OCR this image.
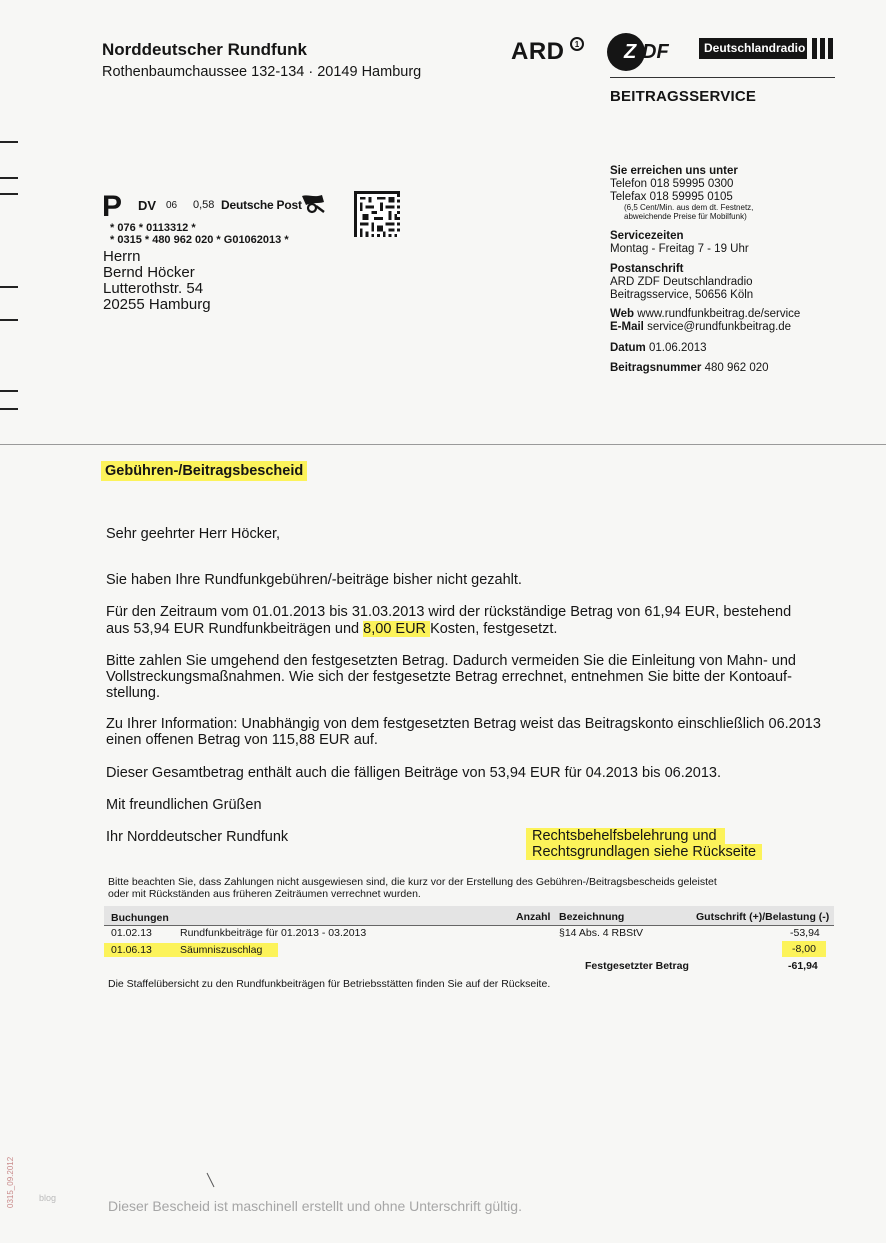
Norddeutscher Rundfunk
Rothenbaumchaussee 132-134 · 20149 Hamburg
ARD	1 Z DF	Deutschlandradio
BEITRAGSSERVICE
P DV 06 0,58 Deutsche Post
* 076 * 0113312 *
* 0315 * 480 962 020 * G01062013 *
Herrn
Bernd Höcker
Lutterothstr. 54
20255 Hamburg
Sie erreichen uns unter
Telefon 018 59995 0300
Telefax 018 59995 0105
(6,5 Cent/Min. aus dem dt. Festnetz,
abweichende Preise für Mobilfunk)
Servicezeiten
Montag - Freitag 7 - 19 Uhr
Postanschrift
ARD ZDF Deutschlandradio
Beitragsservice, 50656 Köln
Web www.rundfunkbeitrag.de/service
E-Mail service@rundfunkbeitrag.de
Datum 01.06.2013
Beitragsnummer 480 962 020
Gebühren-/Beitragsbescheid
Sehr geehrter Herr Höcker,
Sie haben Ihre Rundfunkgebühren/-beiträge bisher nicht gezahlt.
Für den Zeitraum vom 01.01.2013 bis 31.03.2013 wird der rückständige Betrag von 61,94 EUR, bestehend
aus 53,94 EUR Rundfunkbeiträgen und 8,00 EUR Kosten, festgesetzt.
Bitte zahlen Sie umgehend den festgesetzten Betrag. Dadurch vermeiden Sie die Einleitung von Mahn- und
Vollstreckungsmaßnahmen. Wie sich der festgesetzte Betrag errechnet, entnehmen Sie bitte der Kontoauf-
stellung.
Zu Ihrer Information: Unabhängig von dem festgesetzten Betrag weist das Beitragskonto einschließlich 06.2013
einen offenen Betrag von 115,88 EUR auf.
Dieser Gesamtbetrag enthält auch die fälligen Beiträge von 53,94 EUR für 04.2013 bis 06.2013.
Mit freundlichen Grüßen
Ihr Norddeutscher Rundfunk	Rechtsbehelfsbelehrung und
Rechtsgrundlagen siehe Rückseite
Bitte beachten Sie, dass Zahlungen nicht ausgewiesen sind, die kurz vor der Erstellung des Gebühren-/Beitragsbescheids geleistet
oder mit Rückständen aus früheren Zeiträumen verrechnet wurden.
Buchungen	Anzahl Bezeichnung	Gutschrift (+)/Belastung (-)
01.02.13	Rundfunkbeiträge für 01.2013 - 03.2013	§14 Abs. 4 RBStV	-53,94
01.06.13	Säumniszuschlag	-8,00
Festgesetzter Betrag	-61,94
Die Staffelübersicht zu den Rundfunkbeiträgen für Betriebsstätten finden Sie auf der Rückseite.
Dieser Bescheid ist maschinell erstellt und ohne Unterschrift gültig.
0315_09.2012	blog
